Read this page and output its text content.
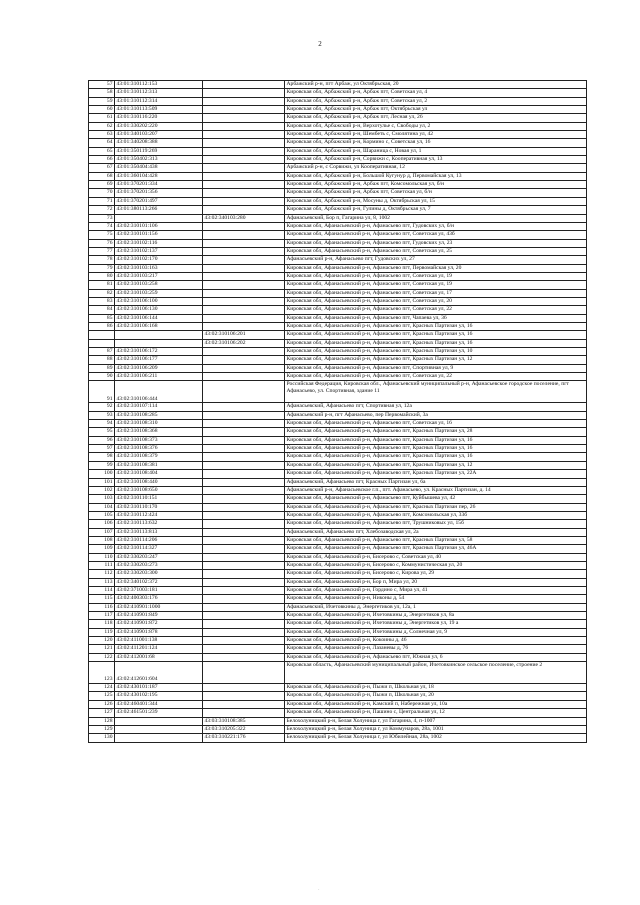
2
57	43:01:310112:153		Арбажский р-н, пгт Арбаж, ул Октябрьская, 20
58	43:01:310112:313		Кировская обл, Арбажский р-н, Арбаж пгт, Советская ул, 4
59	43:01:310112:314		Кировская обл, Арбажский р-н, Арбаж пгт, Советская ул, 2
60	43:01:310113:509		Кировская обл, Арбажский р-н, Арбаж пгт, Октябрьская ул
61	43:01:310116:220		Кировская обл, Арбажский р-н, Арбаж пгт, Лесная ул, 26
62	43:01:330202:220		Кировская обл, Арбажский р-н, Верхотулье с, Свободы ул, 2
63	43:01:340103:207		Кировская обл, Арбажский р-н, Шембеть с, Смолятина ул, 42
64	43:01:340208:388		Кировская обл, Арбажский р-н, Кормино с, Советская ул, 16
65	43:01:350119:269		Кировская обл, Арбажский р-н, Шараница с, Новая ул, 1
66	43:01:350402:313		Кировская обл, Арбажский р-н, Сорвижи с, Кооперативная ул, 13
67	43:01:350404:438		Арбажский р-н, с Сорвижи, ул Кооперативная, 12
68	43:01:360104:428		Кировская обл, Арбажский р-н, Большой Кугунур д, Первомайская ул, 13
69	43:01:370201:334		Кировская обл, Арбажский р-н, Арбаж пгт, Комсомольская ул, б/н
70	43:01:370201:356		Кировская обл, Арбажский р-н, Арбаж пгт, Советская ул, б/н
71	43:01:370201:497		Кировская обл, Арбажский р-н, Мосуны д, Октябрьская ул, 15
72	43:01:380113:266		Кировская обл, Арбажский р-н, Гулины д, Октябрьская ул, 7
73		43:02:340103:280	Афанасьевский, Бор п, Гагарина ул, 8, 1002
74	43:02:310101:106		Кировская обл, Афанасьевский р-н, Афанасьево пгт, Гудовских ул, б/н
75	43:02:310101:156		Кировская обл, Афанасьевский р-н, Афанасьево пгт, Советская ул, 43б
76	43:02:310102:116		Кировская обл, Афанасьевский р-н, Афанасьево пгт, Гудовских ул, 23
77	43:02:310102:137		Кировская обл, Афанасьевский р-н, Афанасьево пгт, Советская ул, 25
78	43:02:310102:170		Афанасьевский р-н, Афанасьево пгт, Гудовских ул, 27
79	43:02:310103:163		Кировская обл, Афанасьевский р-н, Афанасьево пгт, Первомайская ул, 20
80	43:02:310103:217		Кировская обл, Афанасьевский р-н, Афанасьево пгт, Советская ул, 19
81	43:02:310103:258		Кировская обл, Афанасьевский р-н, Афанасьево пгт, Советская ул, 19
82	43:02:310103:259		Кировская обл, Афанасьевский р-н, Афанасьево пгт, Советская ул, 17
83	43:02:310106:100		Кировская обл, Афанасьевский р-н, Афанасьево пгт, Советская ул, 20
84	43:02:310106:130		Кировская обл, Афанасьевский р-н, Афанасьево пгт, Советская ул, 22
85	43:02:310106:144		Кировская обл, Афанасьевский р-н, Афанасьево пгт, Чапаева ул, 36
86	43:02:310106:168		Кировская обл, Афанасьевский р-н, Афанасьево пгт, Красных Партизан ул, 16
		43:02:310106:201	Кировская обл, Афанасьевский р-н, Афанасьево пгт, Красных Партизан ул, 16
		43:02:310106:202	Кировская обл, Афанасьевский р-н, Афанасьево пгт, Красных Партизан ул, 16
87	43:02:310106:172		Кировская обл, Афанасьевский р-н, Афанасьево пгт, Красных Партизан ул, 10
88	43:02:310106:177		Кировская обл, Афанасьевский р-н, Афанасьево пгт, Красных Партизан ул, 12
89	43:02:310106:209		Кировская обл, Афанасьевский р-н, Афанасьево пгт, Спортивная ул, 9
90	43:02:310106:211		Кировская обл, Афанасьевский р-н, Афанасьево пгт, Советская ул, 22
91	43:02:310106:444		Российская Федерация, Кировская обл., Афанасьевский муниципальный р-н, Афанасьевское городское поселение, пгт Афанасьево, ул. Спортивная, здание 11
92	43:02:310107:114		Афанасьевский, Афанасьево пгт, Спортивная ул, 12а
93	43:02:310108:285		Афанасьевский р-н, пгт Афанасьево, пер Первомайский, 3а
94	43:02:310108:310		Кировская обл, Афанасьевский р-н, Афанасьево пгт, Советская ул, 16
95	43:02:310108:368		Кировская обл, Афанасьевский р-н, Афанасьево пгт, Красных Партизан ул, 28
96	43:02:310108:373		Кировская обл, Афанасьевский р-н, Афанасьево пгт, Красных Партизан ул, 16
97	43:02:310108:376		Кировская обл, Афанасьевский р-н, Афанасьево пгт, Красных Партизан ул, 16
98	43:02:310108:379		Кировская обл, Афанасьевский р-н, Афанасьево пгт, Красных Партизан ул, 16
99	43:02:310108:381		Кировская обл, Афанасьевский р-н, Афанасьево пгт, Красных Партизан ул, 12
100	43:02:310108:404		Кировская обл, Афанасьевский р-н, Афанасьево пгт, Красных Партизан ул, 22А
101	43:02:310108:440		Афанасьевский, Афанасьево пгт, Красных Партизан ул, 6а
102	43:02:310108:650		Афанасьевский р-н, Афанасьевское г.п., пгт. Афанасьево, ул. Красных Партизан, д. 14
103	43:02:310110:151		Кировская обл, Афанасьевский р-н, Афанасьево пгт, Куйбышева ул, 42
104	43:02:310110:170		Кировская обл, Афанасьевский р-н, Афанасьево пгт, Красных Партизан пер, 26
105	43:02:310112:424		Кировская обл, Афанасьевский р-н, Афанасьево пгт, Комсомольская ул, 33б
106	43:02:310113:632		Кировская обл, Афанасьевский р-н, Афанасьево пгт, Трушниковых ул, 15б
107	43:02:310113:813		Афанасьевский, Афанасьево пгт, Хлебозаводская ул, 2а
108	43:02:310114:206		Кировская обл, Афанасьевский р-н, Афанасьево пгт, Красных Партизан ул, 58
109	43:02:310114:327		Кировская обл, Афанасьевский р-н, Афанасьево пгт, Красных Партизан ул, 46А
110	43:02:330203:247		Кировская обл, Афанасьевский р-н, Бисерово с, Советская ул, 40
111	43:02:330203:273		Кировская обл, Афанасьевский р-н, Бисерово с, Коммунистическая ул, 20
112	43:02:330203:300		Кировская обл, Афанасьевский р-н, Бисерово с, Кирова ул, 29
113	43:02:340102:372		Кировская обл, Афанасьевский р-н, Бор п, Мира ул, 20
114	43:02:371003:181		Кировская обл, Афанасьевский р-н, Гордино с, Мира ул, 41
115	43:02:400303:176		Кировская обл, Афанасьевский р-н, Никоны д, 54
116	43:02:410901:1000		Афанасьевский, Ичетовкины д, Энергетиков ул, 12а, 1
117	43:02:410901:849		Кировская обл, Афанасьевский р-н, Ичетовкины д, Энергетиков ул, 8а
118	43:02:410901:872		Кировская обл, Афанасьевский р-н, Ичетовкины д, Энергетиков ул, 19 а
119	43:02:410901:878		Кировская обл, Афанасьевский р-н, Ичетовкины д, Солнечная ул, 9
120	43:02:411001:138		Кировская обл, Афанасьевский р-н, Кокоины д, 46
121	43:02:411201:124		Кировская обл, Афанасьевский р-н, Лазаневы д, 76
122	43:02:412001:68		Кировская обл, Афанасьевский р-н, Афанасьево пгт, Южная ул, 6
123	43:02:412601:604		Кировская область, Афанасьевский муниципальный район, Ичетовкинское сельское поселение, строение 2
124	43:02:430101:187		Кировская обл, Афанасьевский р-н, Пыжи п, Школьная ул, 18
125	43:02:430102:195		Кировская обл, Афанасьевский р-н, Пыжи п, Школьная ул, 20
126	43:02:460401:344		Кировская обл, Афанасьевский р-н, Камский п, Набережная ул, 10а
127	43:02:461501:239		Кировская обл, Афанасьевский р-н, Пашино с, Центральная ул, 12
128		43:03:310108:385	Белохолуницкий р-н, Белая Холуница г, ул Гагарина, 4, п-1007
129		43:03:310205:322	Белохолуницкий р-н, Белая Холуница г, ул Коммунаров, 28а, 1001
130		43:03:310221:176	Белохолуницкий р-н, Белая Холуница г, ул Юбилейная, 28а, 1002
·
